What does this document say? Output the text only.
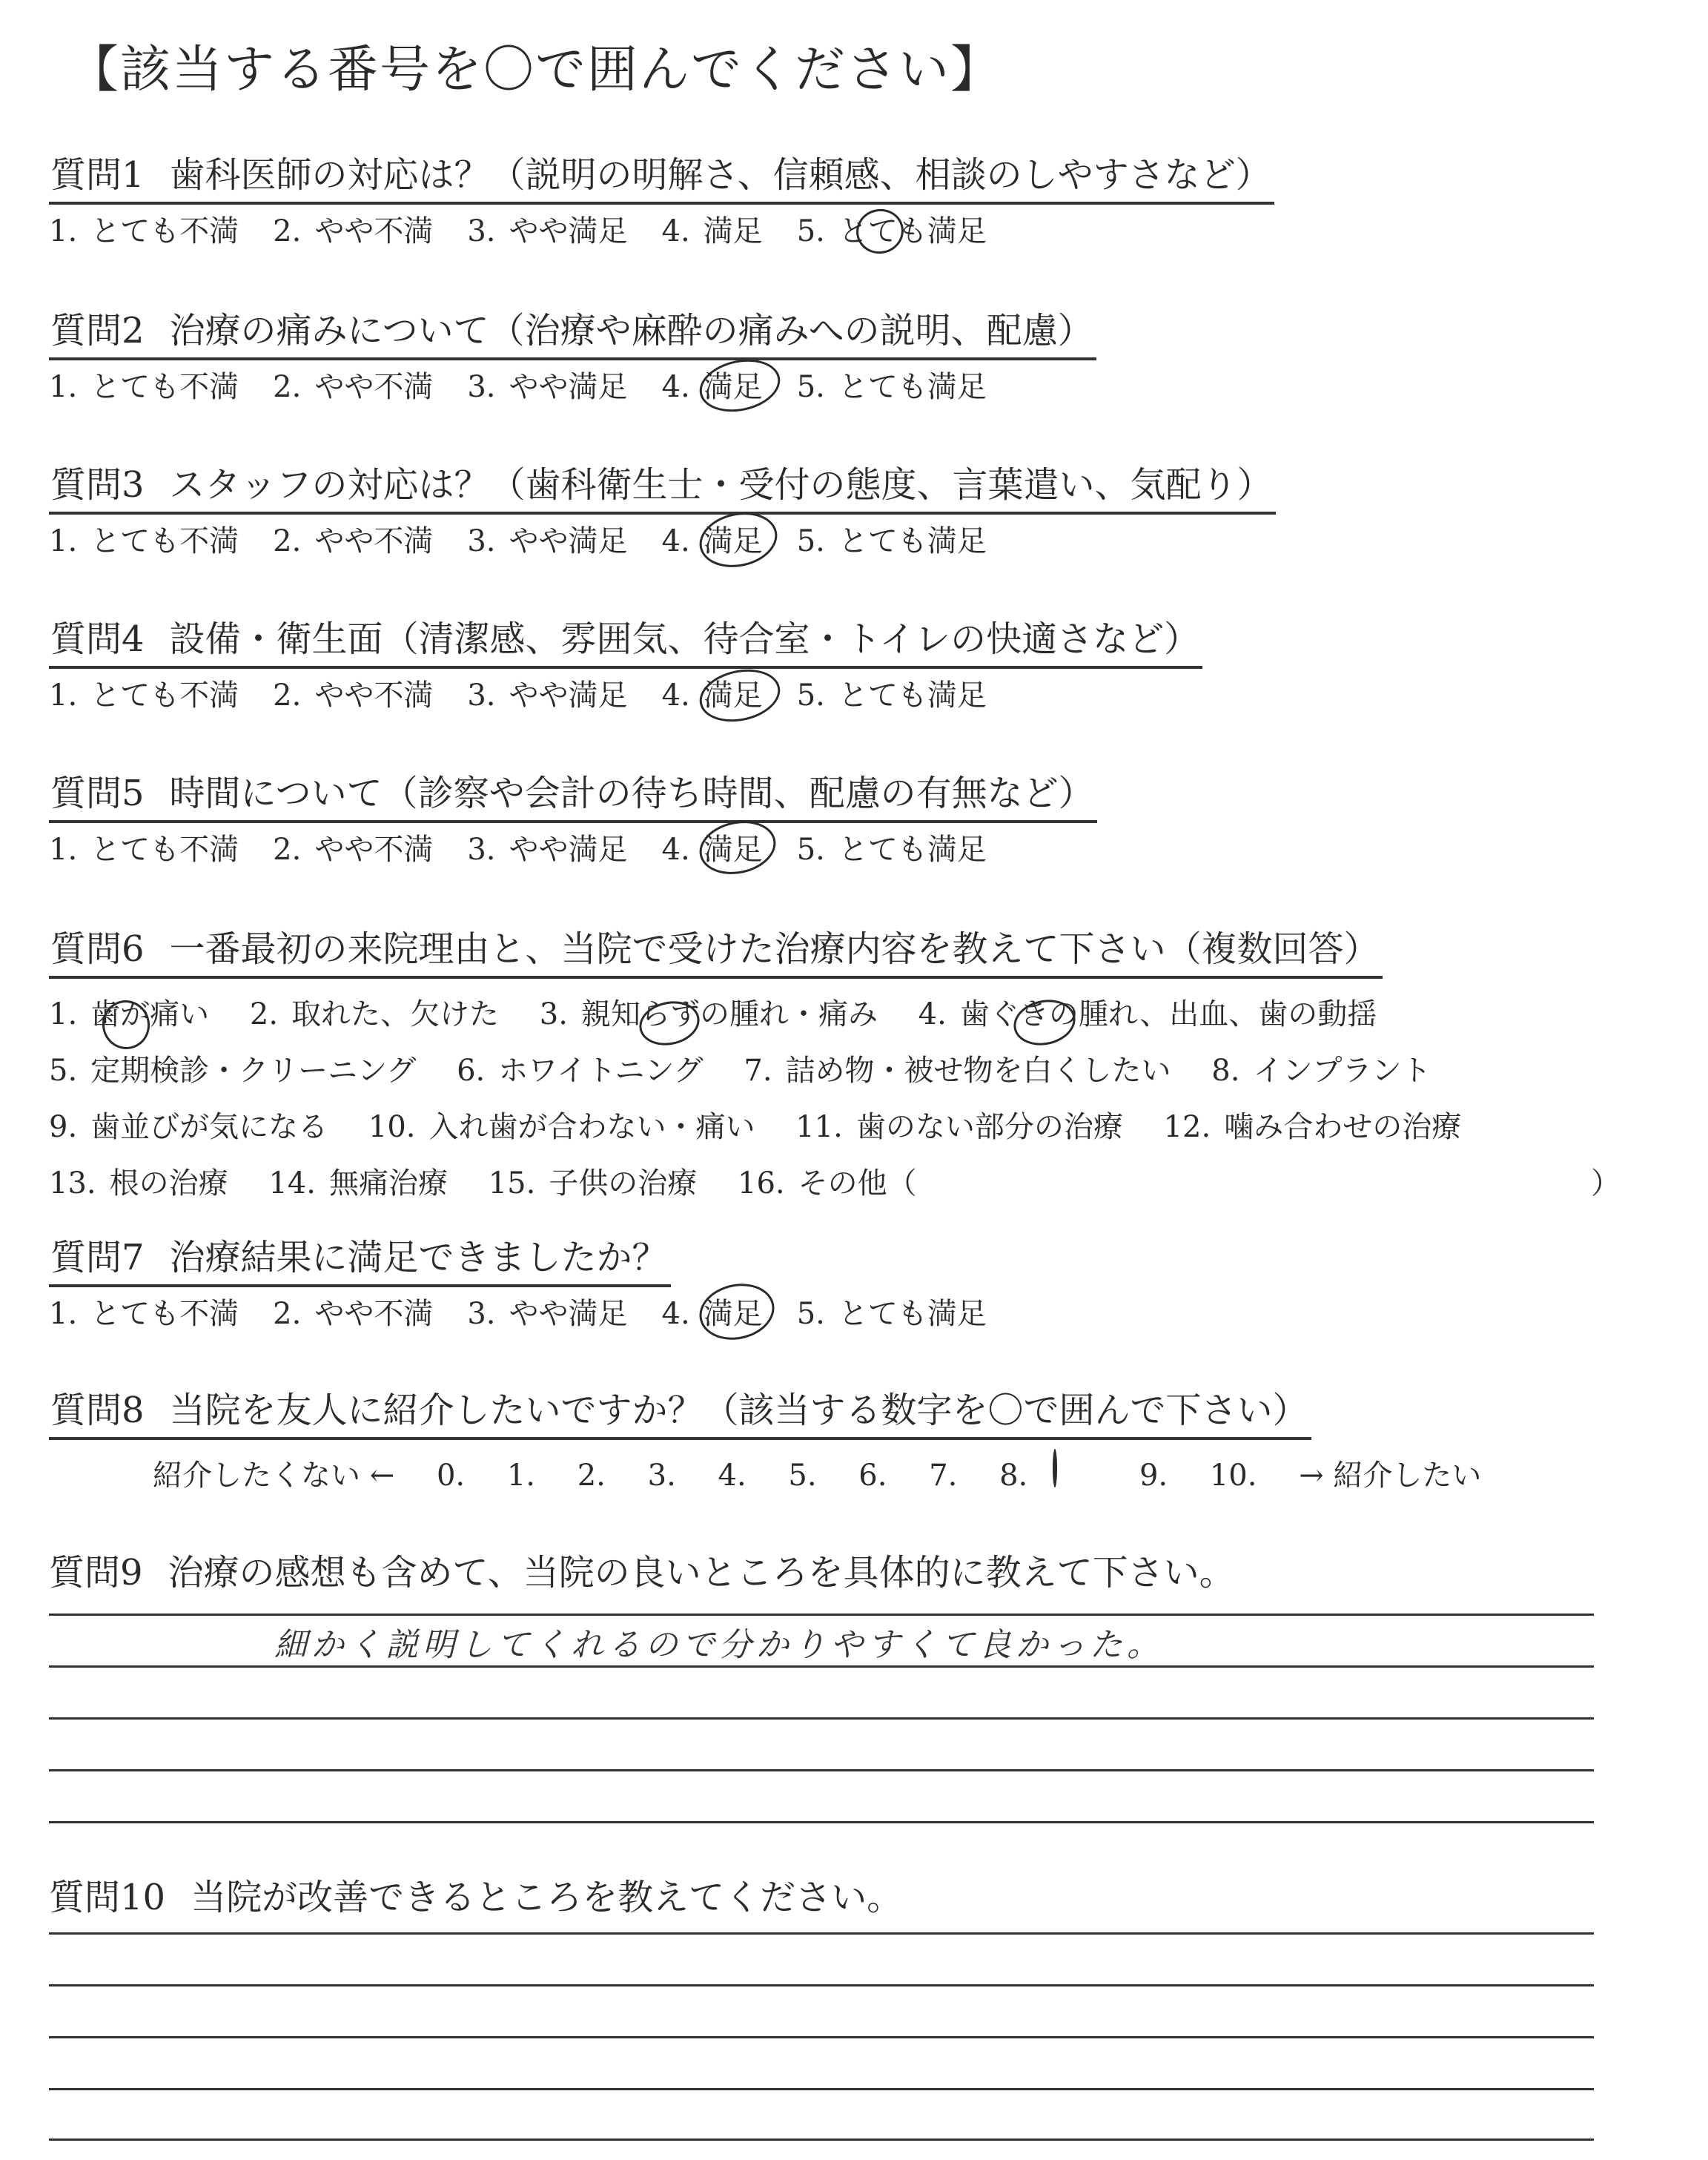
【該当する番号を〇で囲んでください】
質問1 歯科医師の対応は？（説明の明解さ、信頼感、相談のしやすさなど）
1. とても不満 2. やや不満 3. やや満足 4. 満足 5. とても満足
質問2 治療の痛みについて（治療や麻酔の痛みへの説明、配慮）
1. とても不満 2. やや不満 3. やや満足 4. 満足 5. とても満足
質問3 スタッフの対応は？（歯科衛生士・受付の態度、言葉遣い、気配り）
1. とても不満 2. やや不満 3. やや満足 4. 満足 5. とても満足
質問4 設備・衛生面（清潔感、雰囲気、待合室・トイレの快適さなど）
1. とても不満 2. やや不満 3. やや満足 4. 満足 5. とても満足
質問5 時間について（診察や会計の待ち時間、配慮の有無など）
1. とても不満 2. やや不満 3. やや満足 4. 満足 5. とても満足
質問6 一番最初の来院理由と、当院で受けた治療内容を教えて下さい（複数回答）
1. 歯が痛い 2. 取れた、欠けた 3. 親知らずの腫れ・痛み 4. 歯ぐきの腫れ、出血、歯の動揺
5. 定期検診・クリーニング 6. ホワイトニング 7. 詰め物・被せ物を白くしたい 8. インプラント
9. 歯並びが気になる 10. 入れ歯が合わない・痛い 11. 歯のない部分の治療 12. 噛み合わせの治療
13. 根の治療 14. 無痛治療 15. 子供の治療 16. その他（	）
質問7 治療結果に満足できましたか？
1. とても不満 2. やや不満 3. やや満足 4. 満足 5. とても満足
質問8 当院を友人に紹介したいですか？（該当する数字を〇で囲んで下さい）
紹介したくない ← 0. 1. 2. 3. 4. 5. 6. 7. 8.	9. 10. → 紹介したい
質問9 治療の感想も含めて、当院の良いところを具体的に教えて下さい。
細かく説明してくれるので分かりやすくて良かった。
質問10 当院が改善できるところを教えてください。
